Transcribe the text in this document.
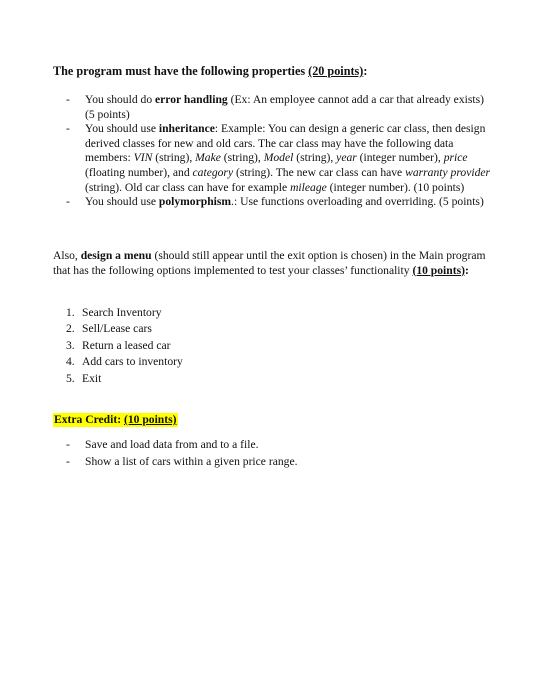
The program must have the following properties (20 points):
- You should do error handling (Ex: An employee cannot add a car that already exists) (5 points)
- You should use inheritance: Example: You can design a generic car class, then design derived classes for new and old cars. The car class may have the following data members: VIN (string), Make (string), Model (string), year (integer number), price (floating number), and category (string). The new car class can have warranty provider (string). Old car class can have for example mileage (integer number). (10 points)
- You should use polymorphism.: Use functions overloading and overriding. (5 points)
Also, design a menu (should still appear until the exit option is chosen) in the Main program that has the following options implemented to test your classes’ functionality (10 points):
1. Search Inventory
2. Sell/Lease cars
3. Return a leased car
4. Add cars to inventory
5. Exit
Extra Credit: (10 points)
- Save and load data from and to a file.
- Show a list of cars within a given price range.
